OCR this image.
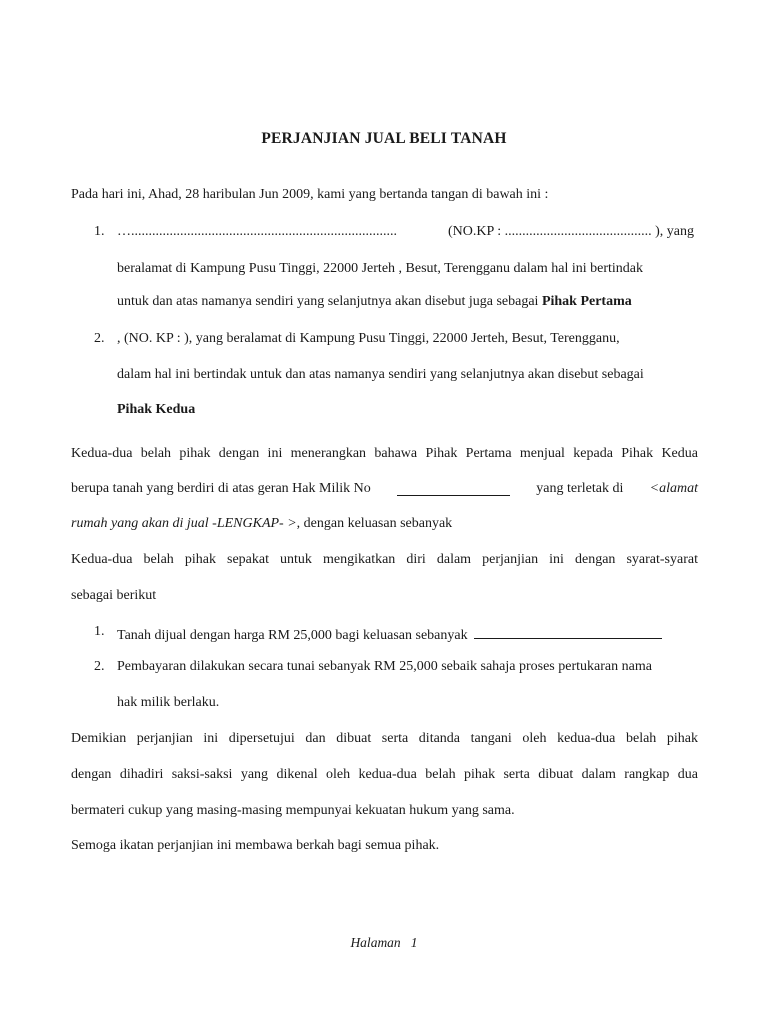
PERJANJIAN JUAL BELI TANAH
Pada hari ini, Ahad, 28 haribulan Jun 2009, kami yang bertanda tangan di bawah ini :
1. …............................................................................	(NO.KP : .......................................... ), yang
beralamat di Kampung Pusu Tinggi, 22000 Jerteh , Besut, Terengganu dalam hal ini bertindak
untuk dan atas namanya sendiri yang selanjutnya akan disebut juga sebagai Pihak Pertama
2. , (NO. KP : ), yang beralamat di Kampung Pusu Tinggi, 22000 Jerteh, Besut, Terengganu,
dalam hal ini bertindak untuk dan atas namanya sendiri yang selanjutnya akan disebut sebagai
Pihak Kedua
Kedua-dua belah pihak dengan ini menerangkan bahawa Pihak Pertama menjual kepada Pihak Kedua
berupa tanah yang berdiri di atas geran Hak Milik No	yang terletak di <alamat
rumah yang akan di jual -LENGKAP- >, dengan keluasan sebanyak
Kedua-dua belah pihak sepakat untuk mengikatkan diri dalam perjanjian ini dengan syarat-syarat
sebagai berikut
1. Tanah dijual dengan harga RM 25,000 bagi keluasan sebanyak
2. Pembayaran dilakukan secara tunai sebanyak RM 25,000 sebaik sahaja proses pertukaran nama
hak milik berlaku.
Demikian perjanjian ini dipersetujui dan dibuat serta ditanda tangani oleh kedua-dua belah pihak
dengan dihadiri saksi-saksi yang dikenal oleh kedua-dua belah pihak serta dibuat dalam rangkap dua
bermateri cukup yang masing-masing mempunyai kekuatan hukum yang sama.
Semoga ikatan perjanjian ini membawa berkah bagi semua pihak.
Halaman   1
